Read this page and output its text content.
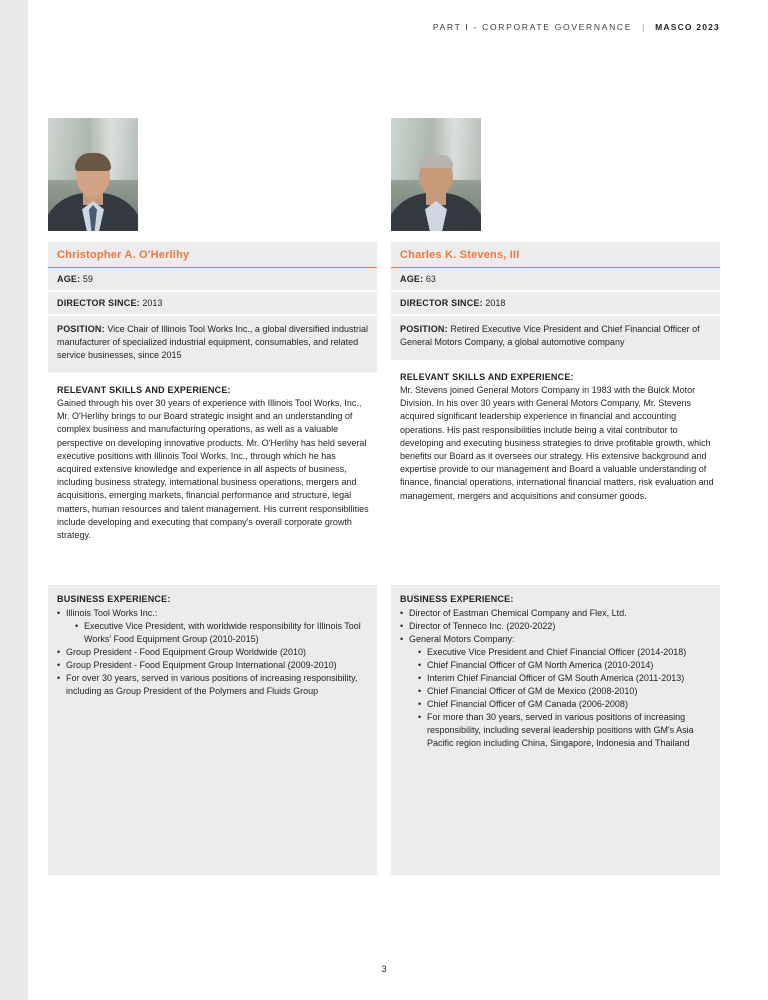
PART I - CORPORATE GOVERNANCE | MASCO 2023
Christopher A. O'Herlihy
AGE: 59
DIRECTOR SINCE: 2013
POSITION: Vice Chair of Illinois Tool Works Inc., a global diversified industrial manufacturer of specialized industrial equipment, consumables, and related service businesses, since 2015
RELEVANT SKILLS AND EXPERIENCE:
Gained through his over 30 years of experience with Illinois Tool Works, Inc., Mr. O'Herlihy brings to our Board strategic insight and an understanding of complex business and manufacturing operations, as well as a valuable perspective on developing innovative products. Mr. O'Herlihy has held several executive positions with Illinois Tool Works, Inc., through which he has acquired extensive knowledge and experience in all aspects of business, including business strategy, international business operations, mergers and acquisitions, emerging markets, financial performance and structure, legal matters, human resources and talent management. His current responsibilities include developing and executing that company's overall corporate growth strategy.
Charles K. Stevens, III
AGE: 63
DIRECTOR SINCE: 2018
POSITION: Retired Executive Vice President and Chief Financial Officer of General Motors Company, a global automotive company
RELEVANT SKILLS AND EXPERIENCE:
Mr. Stevens joined General Motors Company in 1983 with the Buick Motor Division. In his over 30 years with General Motors Company, Mr. Stevens acquired significant leadership experience in financial and accounting operations. His past responsibilities include being a vital contributor to developing and executing business strategies to drive profitable growth, which benefits our Board as it oversees our strategy. His extensive background and expertise provide to our management and Board a valuable understanding of finance, financial operations, international financial matters, risk evaluation and management, mergers and acquisitions and consumer goods.
BUSINESS EXPERIENCE:
• Illinois Tool Works Inc.:
• Executive Vice President, with worldwide responsibility for Illinois Tool Works' Food Equipment Group (2010-2015)
• Group President - Food Equipment Group Worldwide (2010)
• Group President - Food Equipment Group International (2009-2010)
• For over 30 years, served in various positions of increasing responsibility, including as Group President of the Polymers and Fluids Group
BUSINESS EXPERIENCE:
• Director of Eastman Chemical Company and Flex, Ltd.
• Director of Tenneco Inc. (2020-2022)
• General Motors Company:
• Executive Vice President and Chief Financial Officer (2014-2018)
• Chief Financial Officer of GM North America (2010-2014)
• Interim Chief Financial Officer of GM South America (2011-2013)
• Chief Financial Officer of GM de Mexico (2008-2010)
• Chief Financial Officer of GM Canada (2006-2008)
• For more than 30 years, served in various positions of increasing responsibility, including several leadership positions with GM's Asia Pacific region including China, Singapore, Indonesia and Thailand
3
